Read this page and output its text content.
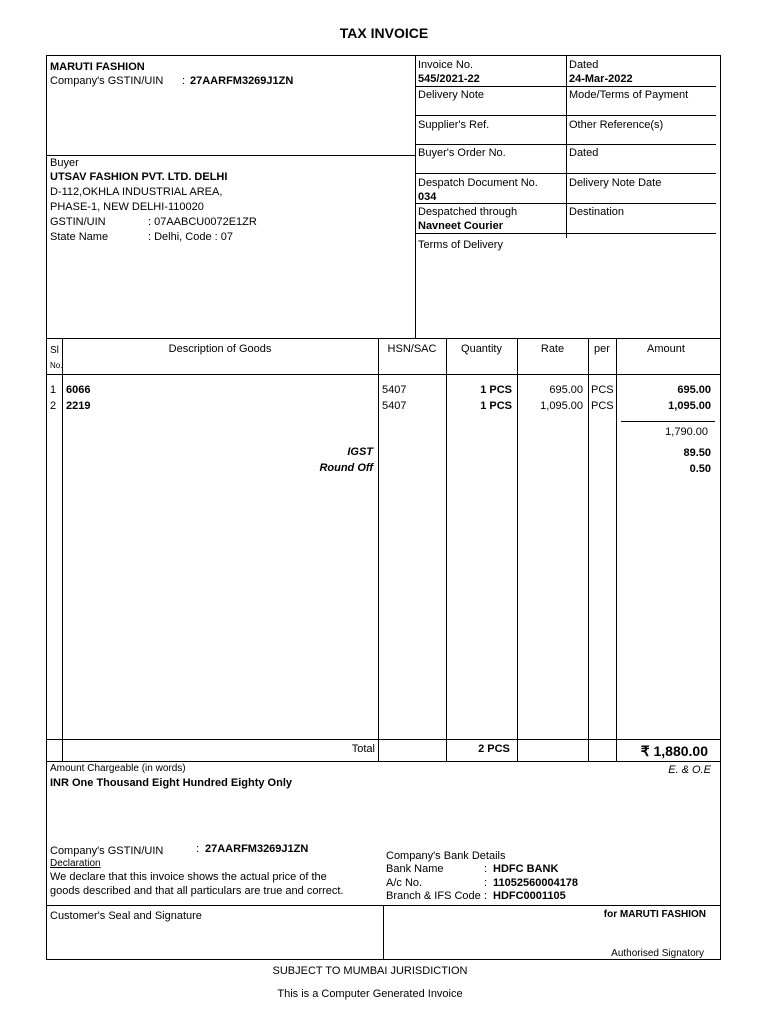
TAX INVOICE
MARUTI FASHION
Company's GSTIN/UIN : 27AARFM3269J1ZN
Invoice No.
545/2021-22
Dated
24-Mar-2022
Delivery Note	Mode/Terms of Payment
Supplier's Ref.	Other Reference(s)
Buyer's Order No.	Dated
Despatch Document No.
034
Delivery Note Date
Despatched through
Navneet Courier
Destination
Terms of Delivery
Buyer
UTSAV FASHION PVT. LTD. DELHI
D-112,OKHLA INDUSTRIAL AREA,
PHASE-1, NEW DELHI-110020
GSTIN/UIN	: 07AABCU0072E1ZR
State Name	: Delhi, Code : 07
Sl
No.
Description of Goods	HSN/SAC	Quantity	Rate	per	Amount
1 6066	5407	1 PCS	695.00 PCS	695.00
2 2219	5407	1 PCS	1,095.00 PCS	1,095.00
1,790.00
IGST	89.50
Round Off	0.50
Total	2 PCS	₹ 1,880.00
Amount Chargeable (in words)	E. & O.E
INR One Thousand Eight Hundred Eighty Only
Company's GSTIN/UIN	: 27AARFM3269J1ZN
Declaration
We declare that this invoice shows the actual price of the
goods described and that all particulars are true and correct.
Company's Bank Details
Bank Name	: HDFC BANK
A/c No.	: 11052560004178
Branch & IFS Code : HDFC0001105
Customer's Seal and Signature	for MARUTI FASHION
Authorised Signatory
SUBJECT TO MUMBAI JURISDICTION
This is a Computer Generated Invoice
